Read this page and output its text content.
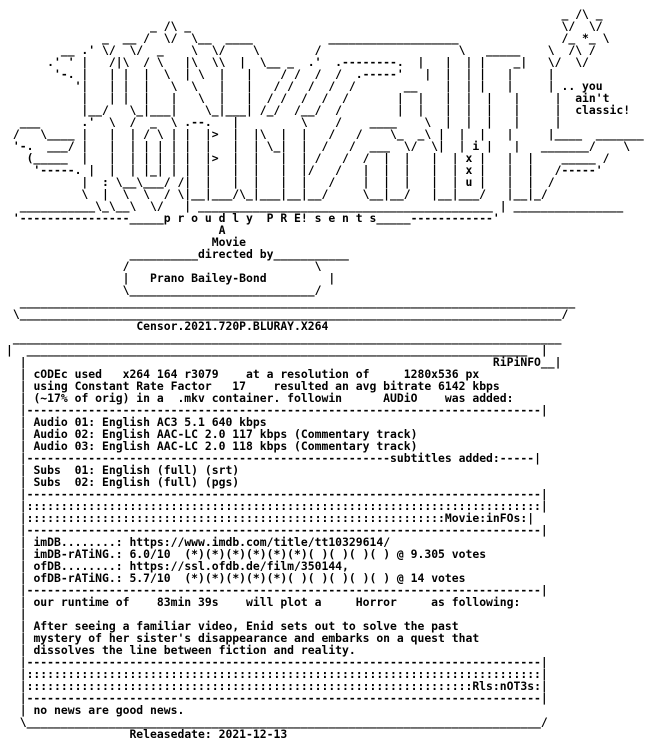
_ /\ _
_ /\ _                                                      \/  \/
_  __ /  \/  \__  ____           ___________________               /_ *_ \
__ .' \/  \/  _    \  \/    \        /                    \   _____    \  /\ /
.' ' |   /|\  / \   |\  \\  |  \__ _  .'  .--------.  |   |  | |    _|   \/  \/
'-. |   | |  |  \  | \  |   |    / /  /  /  .-----'   |  |  | |   |     |
'|   | |  |   \  \   |   |   / /  /  /  /       __    |  | |   |     | .. you
|   | |  |   |   \  |   |  / /  /  /  /       |  |   |  |  |   |     |  ain't
|__/   \_|___|    \_|___| /_/  /__/  /        |  |   |  |  |   |     |  classic!
___      .'  \  /  _  \ .--.   |         \    /    ____    \  |  |  |   |     |
/   \____ |   |  | / \ | |  |>  |  |\  |  |   /   /    \_  _\ |  |  |   |     |____  _______
'-.  ___/ |   |  | | | | |  |   |  | \_|  |  /   /  ___  \/  \|  | i |   |   _______/    \
(_____  |   |  | | | | |  |>  |  |   |  | /   /  /  |  |   |  | x |   |  |    _____ /
'-----. |  |  | |_| | |  |   |  |   |  |/   /   |  |  |   |  | x |   |  |   /-----'
|  : \__\___/ /|  |   |  |   |  |   /    |  |  |   |  | u |   |  |  /
\  |  \  \  / \|__|___/\_|___|__|__/     \__|__/   |__|___/   |__|_/
___________\_\__\  \/   | ___________________________________________ | ________________
'----------------_____p r o u d l y  P R E! s e n t s_____------------'
A
Movie
__________directed by___________
/                           \
|   Prano Bailey-Bond	|
\___________________________/
_________________________________________________________________________________
\_______________________________________________________________________________/
Censor.2021.720P.BLURAY.X264
________________________________________________________________________________
|  _________________________________________________________________________  |
|	RiPiNFO__|
| cODEc used   x264 164 r3079    at a resolution of     1280x536 px
| using Constant Rate Factor   17    resulted an avg bitrate 6142 kbps
| (~17% of orig) in a  .mkv container. followin      AUDiO    was added:
|---------------------------------------------------------------------------|
| Audio 01: English AC3 5.1 640 kbps
| Audio 02: English AAC-LC 2.0 117 kbps (Commentary track)
| Audio 03: English AAC-LC 2.0 118 kbps (Commentary track)
|-----------------------------------------------------subtitles added:-----|
| Subs  01: English (full) (srt)
| Subs  02: English (full) (pgs)
|---------------------------------------------------------------------------|
|:::::::::::::::::::::::::::::::::::::::::::::::::::::::::::::::::::::::::::|
|:::::::::::::::::::::::::::::::::::::::::::::::::::::::::::::Movie:inFOs:|
|---------------------------------------------------------------------------|
| imDB........: https://www.imdb.com/title/tt10329614/
| imDB-rATiNG.: 6.0/10  (*)(*)(*)(*)(*)(*)( )( )( )( ) @ 9.305 votes
| ofDB........: https://ssl.ofdb.de/film/350144,
| ofDB-rATiNG.: 5.7/10  (*)(*)(*)(*)(*)( )( )( )( )( ) @ 14 votes
|---------------------------------------------------------------------------|
| our runtime of    83min 39s    will plot a     Horror     as following:
|
| After seeing a familiar video, Enid sets out to solve the past
| mystery of her sister's disappearance and embarks on a quest that
| dissolves the line between fiction and reality.
|---------------------------------------------------------------------------|
|:::::::::::::::::::::::::::::::::::::::::::::::::::::::::::::::::::::::::::|
|:::::::::::::::::::::::::::::::::::::::::::::::::::::::::::::::::Rls:nOT3s:|
|---------------------------------------------------------------------------|
| no news are good news.
\___________________________________________________________________________/
Releasedate: 2021-12-13
